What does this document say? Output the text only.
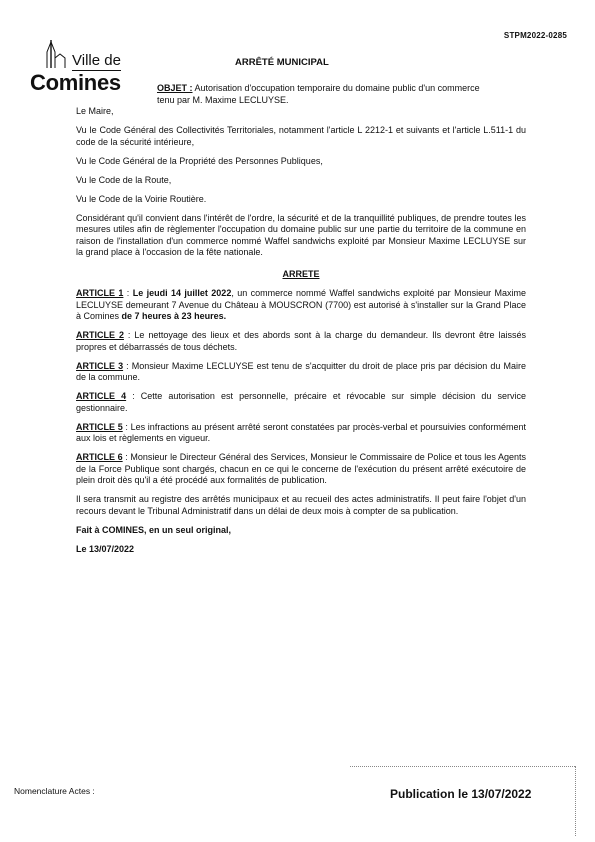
STPM2022-0285
Ville de
Comines
ARRÊTÉ MUNICIPAL
OBJET : Autorisation d'occupation temporaire du domaine public d'un commerce tenu par M. Maxime LECLUYSE.

Le Maire,

Vu le Code Général des Collectivités Territoriales, notamment l'article L 2212-1 et suivants et l'article L.511-1 du code de la sécurité intérieure,

Vu le Code Général de la Propriété des Personnes Publiques,

Vu le Code de la Route,

Vu le Code de la Voirie Routière.

Considérant qu'il convient dans l'intérêt de l'ordre, la sécurité et de la tranquillité publiques, de prendre toutes les mesures utiles afin de règlementer l'occupation du domaine public sur une partie du territoire de la commune en raison de l'installation d'un commerce nommé Waffel sandwichs exploité par Monsieur Maxime LECLUYSE sur la grand place à l'occasion de la fête nationale.

ARRETE

ARTICLE 1 : Le jeudi 14 juillet 2022, un commerce nommé Waffel sandwichs exploité par Monsieur Maxime LECLUYSE demeurant 7 Avenue du Château à MOUSCRON (7700) est autorisé à s'installer sur la Grand Place à Comines de 7 heures à 23 heures.

ARTICLE 2 : Le nettoyage des lieux et des abords sont à la charge du demandeur. Ils devront être laissés propres et débarrassés de tous déchets.

ARTICLE 3 : Monsieur Maxime LECLUYSE est tenu de s'acquitter du droit de place pris par décision du Maire de la commune.

ARTICLE 4 : Cette autorisation est personnelle, précaire et révocable sur simple décision du service gestionnaire.

ARTICLE 5 : Les infractions au présent arrêté seront constatées par procès-verbal et poursuivies conformément aux lois et règlements en vigueur.

ARTICLE 6 : Monsieur le Directeur Général des Services, Monsieur le Commissaire de Police et tous les Agents de la Force Publique sont chargés, chacun en ce qui le concerne de l'exécution du présent arrêté exécutoire de plein droit dès qu'il a été procédé aux formalités de publication.

Il sera transmit au registre des arrêtés municipaux et au recueil des actes administratifs. Il peut faire l'objet d'un recours devant le Tribunal Administratif dans un délai de deux mois à compter de sa publication.

Fait à COMINES, en un seul original,

Le 13/07/2022

Nomenclature Actes :	Publication le 13/07/2022
